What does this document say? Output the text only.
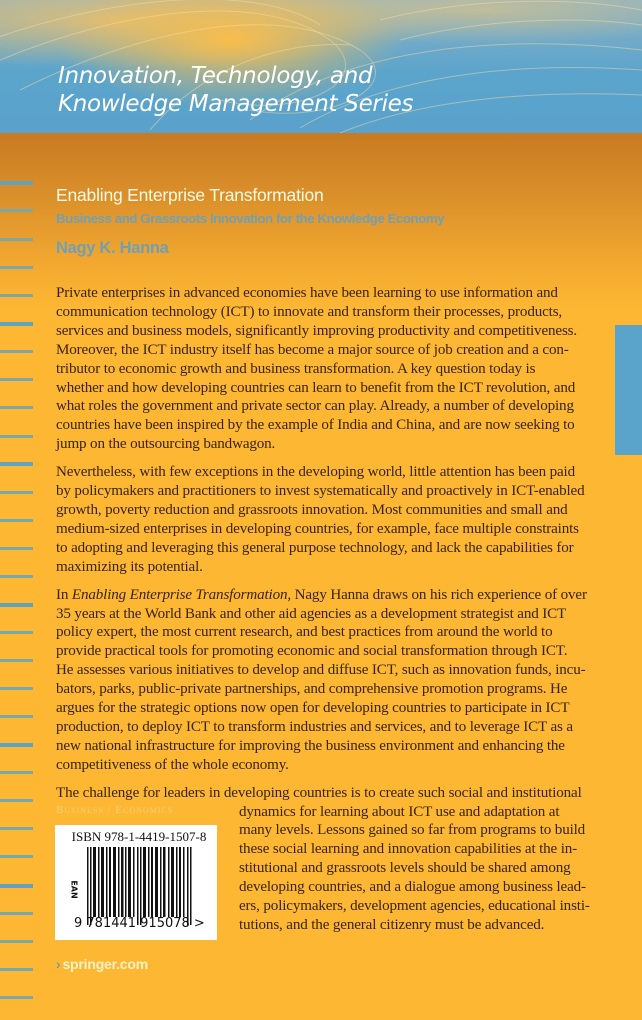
Innovation, Technology, and
Knowledge Management Series
Enabling Enterprise Transformation
Business and Grassroots Innovation for the Knowledge Economy
Nagy K. Hanna
Private enterprises in advanced economies have been learning to use information and
communication technology (ICT) to innovate and transform their processes, products,
services and business models, significantly improving productivity and competitiveness.
Moreover, the ICT industry itself has become a major source of job creation and a con-
tributor to economic growth and business transformation. A key question today is
whether and how developing countries can learn to benefit from the ICT revolution, and
what roles the government and private sector can play. Already, a number of developing
countries have been inspired by the example of India and China, and are now seeking to
jump on the outsourcing bandwagon.
Nevertheless, with few exceptions in the developing world, little attention has been paid
by policymakers and practitioners to invest systematically and proactively in ICT-enabled
growth, poverty reduction and grassroots innovation. Most communities and small and
medium-sized enterprises in developing countries, for example, face multiple constraints
to adopting and leveraging this general purpose technology, and lack the capabilities for
maximizing its potential.
In Enabling Enterprise Transformation, Nagy Hanna draws on his rich experience of over
35 years at the World Bank and other aid agencies as a development strategist and ICT
policy expert, the most current research, and best practices from around the world to
provide practical tools for promoting economic and social transformation through ICT.
He assesses various initiatives to develop and diffuse ICT, such as innovation funds, incu-
bators, parks, public-private partnerships, and comprehensive promotion programs. He
argues for the strategic options now open for developing countries to participate in ICT
production, to deploy ICT to transform industries and services, and to leverage ICT as a
new national infrastructure for improving the business environment and enhancing the
competitiveness of the whole economy.
The challenge for leaders in developing countries is to create such social and institutional
dynamics for learning about ICT use and adaptation at
many levels. Lessons gained so far from programs to build
these social learning and innovation capabilities at the in-
stitutional and grassroots levels should be shared among
developing countries, and a dialogue among business lead-
ers, policymakers, development agencies, educational insti-
tutions, and the general citizenry must be advanced.
Business / Economics
ISBN 978-1-4419-1507-8
EAN
9 781441 915078 >
› springer.com
